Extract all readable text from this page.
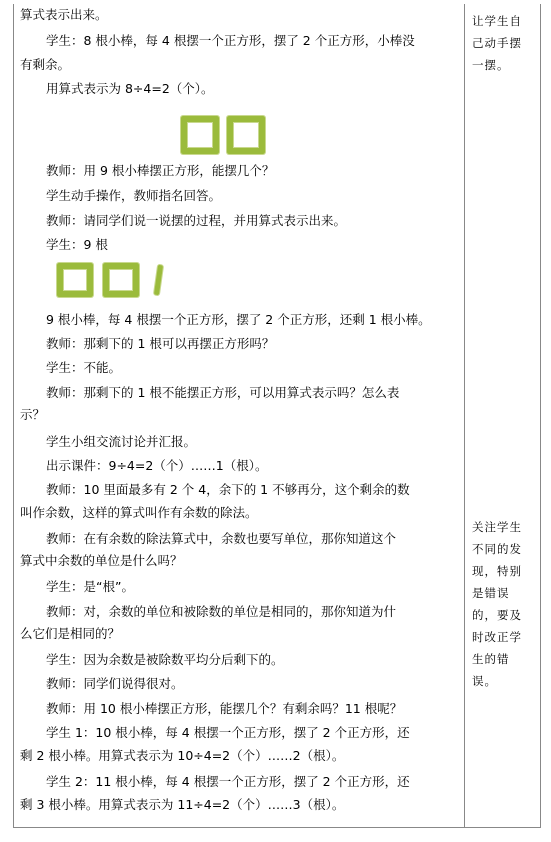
算式表示出来。
学生：8 根小棒，每 4 根摆一个正方形，摆了 2 个正方形，小棒没
有剩余。
用算式表示为 8÷4=2（个）。
教师：用 9 根小棒摆正方形，能摆几个？
学生动手操作，教师指名回答。
教师：请同学们说一说摆的过程，并用算式表示出来。
学生：9 根
9 根小棒，每 4 根摆一个正方形，摆了 2 个正方形，还剩 1 根小棒。
教师：那剩下的 1 根可以再摆正方形吗？
学生：不能。
教师：那剩下的 1 根不能摆正方形，可以用算式表示吗？怎么表
示？
学生小组交流讨论并汇报。
出示课件：9÷4=2（个）……1（根）。
教师：10 里面最多有 2 个 4，余下的 1 不够再分，这个剩余的数
叫作余数，这样的算式叫作有余数的除法。
教师：在有余数的除法算式中，余数也要写单位，那你知道这个
算式中余数的单位是什么吗？
学生：是“根”。
教师：对，余数的单位和被除数的单位是相同的，那你知道为什
么它们是相同的？
学生：因为余数是被除数平均分后剩下的。
教师：同学们说得很对。
教师：用 10 根小棒摆正方形，能摆几个？有剩余吗？11 根呢？
学生 1：10 根小棒，每 4 根摆一个正方形，摆了 2 个正方形，还
剩 2 根小棒。用算式表示为 10÷4=2（个）……2（根）。
学生 2：11 根小棒，每 4 根摆一个正方形，摆了 2 个正方形，还
剩 3 根小棒。用算式表示为 11÷4=2（个）……3（根）。
让学生自
己动手摆
一摆。
关注学生
不同的发
现，特别
是错误
的，要及
时改正学
生的错
误。
